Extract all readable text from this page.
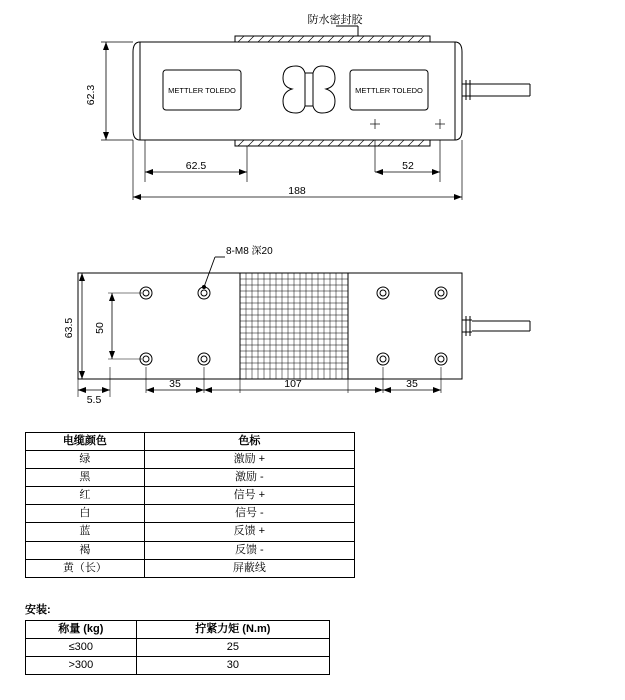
防水密封胶
METTLER TOLEDO	METTLER TOLEDO
62.3
62.5	52
188
8-M8 深20
63.5 50
5.5
35	107	35
电缆颜色	色标
绿	激励 +
黑	激励 -
红	信号 +
白	信号 -
蓝	反馈 +
褐	反馈 -
黄（长）	屏蔽线
安装:
称量 (kg)	拧紧力矩 (N.m)
≤300	25
>300	30
